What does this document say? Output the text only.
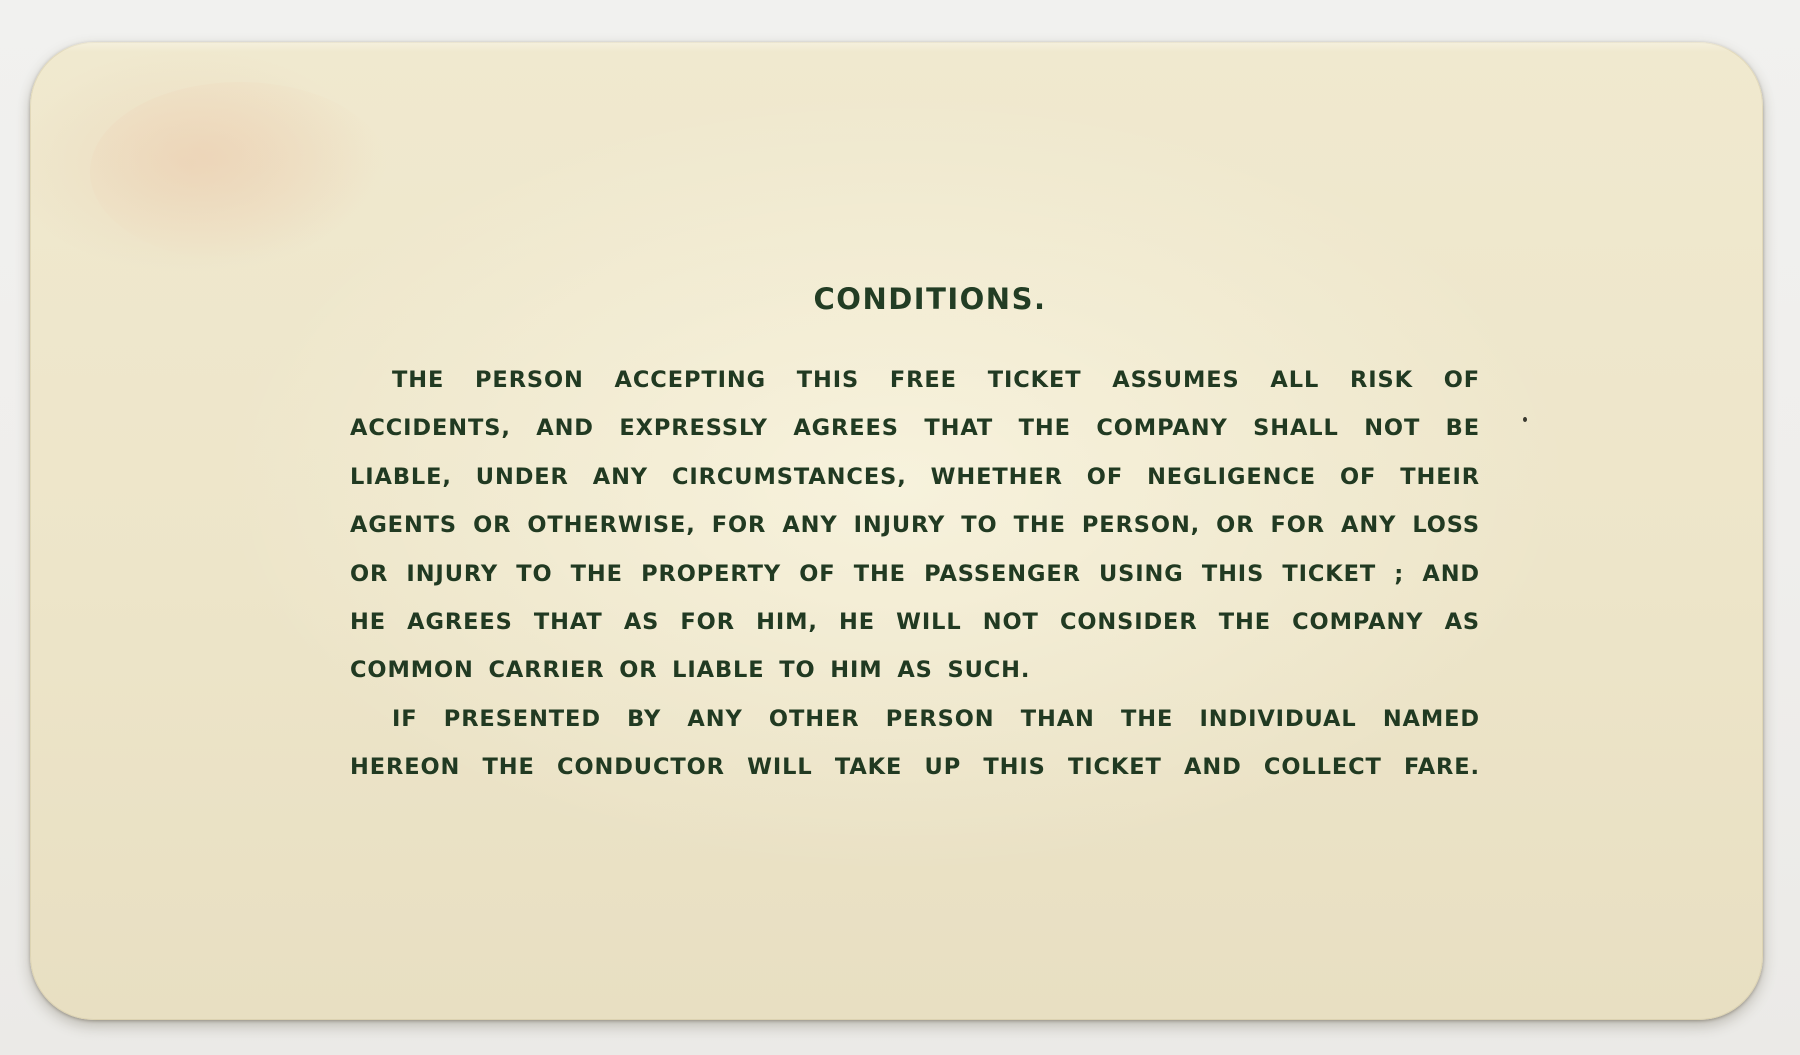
CONDITIONS.

THE PERSON ACCEPTING THIS FREE TICKET ASSUMES ALL RISK OF ACCIDENTS, AND EXPRESSLY AGREES THAT THE COMPANY SHALL NOT BE LIABLE, UNDER ANY CIRCUMSTANCES, WHETHER OF NEGLIGENCE OF THEIR AGENTS OR OTHERWISE, FOR ANY INJURY TO THE PERSON, OR FOR ANY LOSS OR INJURY TO THE PROPERTY OF THE PASSENGER USING THIS TICKET ; AND HE AGREES THAT AS FOR HIM, HE WILL NOT CONSIDER THE COMPANY AS COMMON CARRIER OR LIABLE TO HIM AS SUCH.

IF PRESENTED BY ANY OTHER PERSON THAN THE INDIVIDUAL NAMED HEREON THE CONDUCTOR WILL TAKE UP THIS TICKET AND COLLECT FARE.
